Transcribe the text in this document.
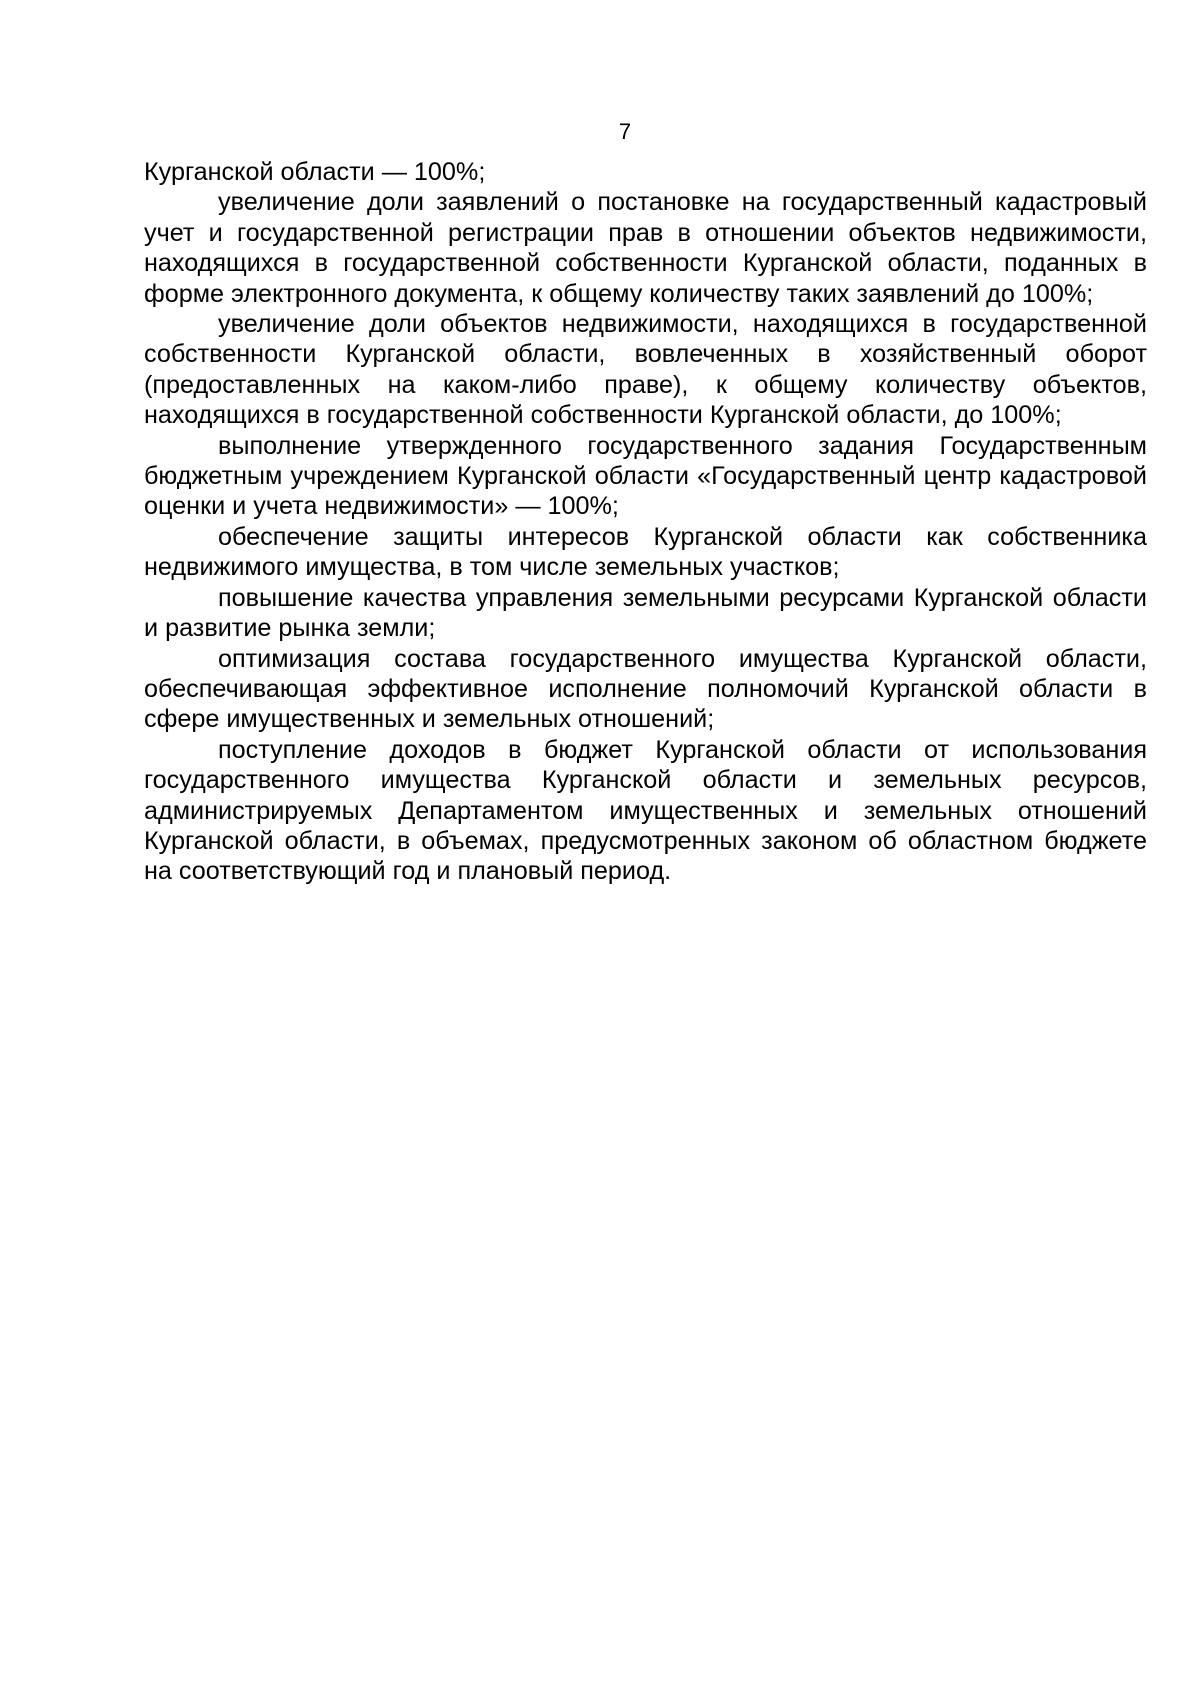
7

Курганской области — 100%;

увеличение доли заявлений о постановке на государственный кадастровый учет и государственной регистрации прав в отношении объектов недвижимости, находящихся в государственной собственности Курганской области, поданных в форме электронного документа, к общему количеству таких заявлений до 100%;

увеличение доли объектов недвижимости, находящихся в государственной собственности Курганской области, вовлеченных в хозяйственный оборот (предоставленных на каком-либо праве), к общему количеству объектов, находящихся в государственной собственности Курганской области, до 100%;

выполнение утвержденного государственного задания Государственным бюджетным учреждением Курганской области «Государственный центр кадастровой оценки и учета недвижимости» — 100%;

обеспечение защиты интересов Курганской области как собственника недвижимого имущества, в том числе земельных участков;

повышение качества управления земельными ресурсами Курганской области и развитие рынка земли;

оптимизация состава государственного имущества Курганской области, обеспечивающая эффективное исполнение полномочий Курганской области в сфере имущественных и земельных отношений;

поступление доходов в бюджет Курганской области от использования государственного имущества Курганской области и земельных ресурсов, администрируемых Департаментом имущественных и земельных отношений Курганской области, в объемах, предусмотренных законом об областном бюджете на соответствующий год и плановый период.
